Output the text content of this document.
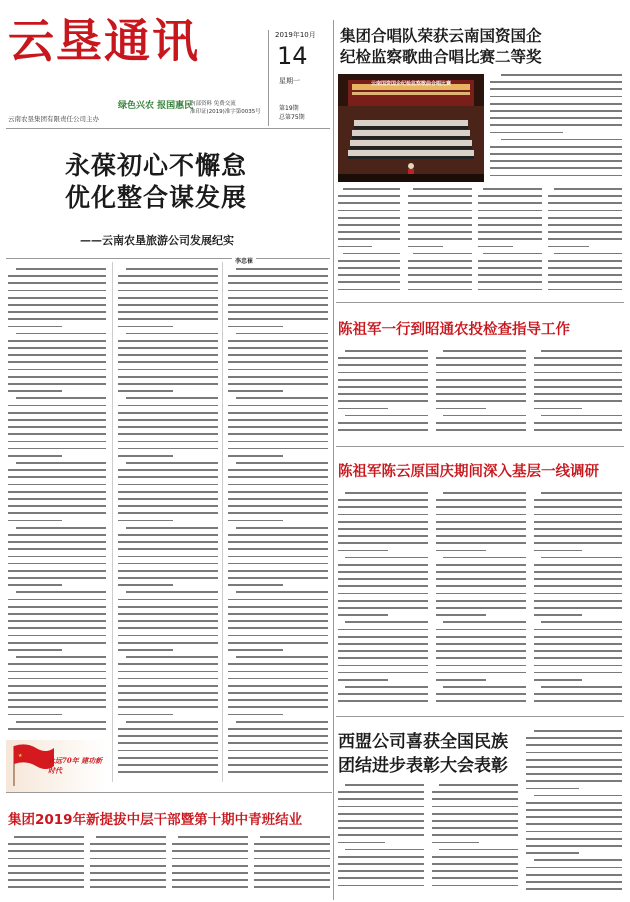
云垦通讯
绿色兴农 报国惠民
云南农垦集团有限责任公司主办
内部资料 免费交流
准印证(2019)准字第0035号
2019年10月
14
星期一
第19期
总第75期
永葆初心不懈怠
优化整合谋发展
——云南农垦旅游公司发展纪实
李忠崔
★	永远70年 建功新时代
集团合唱队荣获云南国资国企
纪检监察歌曲合唱比赛二等奖
云南国资国企纪检监察歌曲合唱比赛
陈祖军一行到昭通农投检查指导工作
陈祖军陈云原国庆期间深入基层一线调研
西盟公司喜获全国民族
团结进步表彰大会表彰
集团2019年新提拔中层干部暨第十期中青班结业
